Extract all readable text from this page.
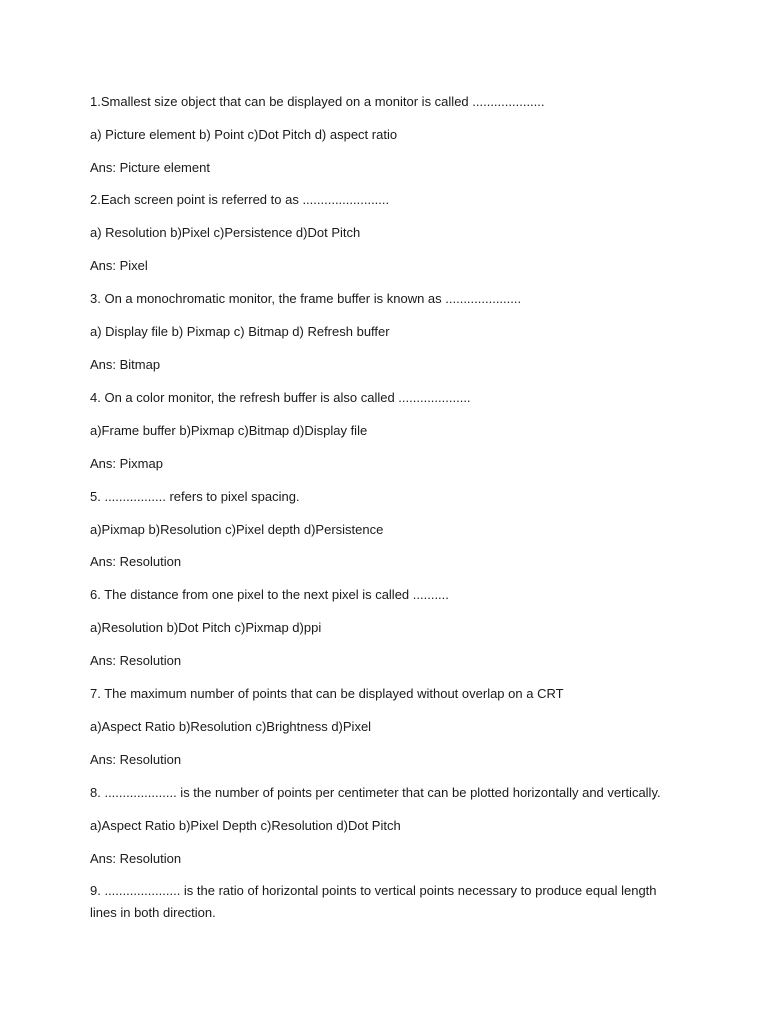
1.Smallest size object that can be displayed on a monitor is called ....................
a) Picture element b) Point c)Dot Pitch d) aspect ratio
Ans: Picture element
2.Each screen point is referred to as ........................
a) Resolution b)Pixel c)Persistence d)Dot Pitch
Ans: Pixel
3. On a monochromatic monitor, the frame buffer is known as .....................
a) Display file b) Pixmap c) Bitmap d) Refresh buffer
Ans: Bitmap
4. On a color monitor, the refresh buffer is also called ....................
a)Frame buffer b)Pixmap c)Bitmap d)Display file
Ans: Pixmap
5. ................. refers to pixel spacing.
a)Pixmap b)Resolution c)Pixel depth d)Persistence
Ans: Resolution
6. The distance from one pixel to the next pixel is called ..........
a)Resolution b)Dot Pitch c)Pixmap d)ppi
Ans: Resolution
7. The maximum number of points that can be displayed without overlap on a CRT
a)Aspect Ratio b)Resolution c)Brightness d)Pixel
Ans: Resolution
8. .................... is the number of points per centimeter that can be plotted horizontally and vertically.
a)Aspect Ratio b)Pixel Depth c)Resolution d)Dot Pitch
Ans: Resolution
9. ..................... is the ratio of horizontal points to vertical points necessary to produce equal length lines in both direction.
